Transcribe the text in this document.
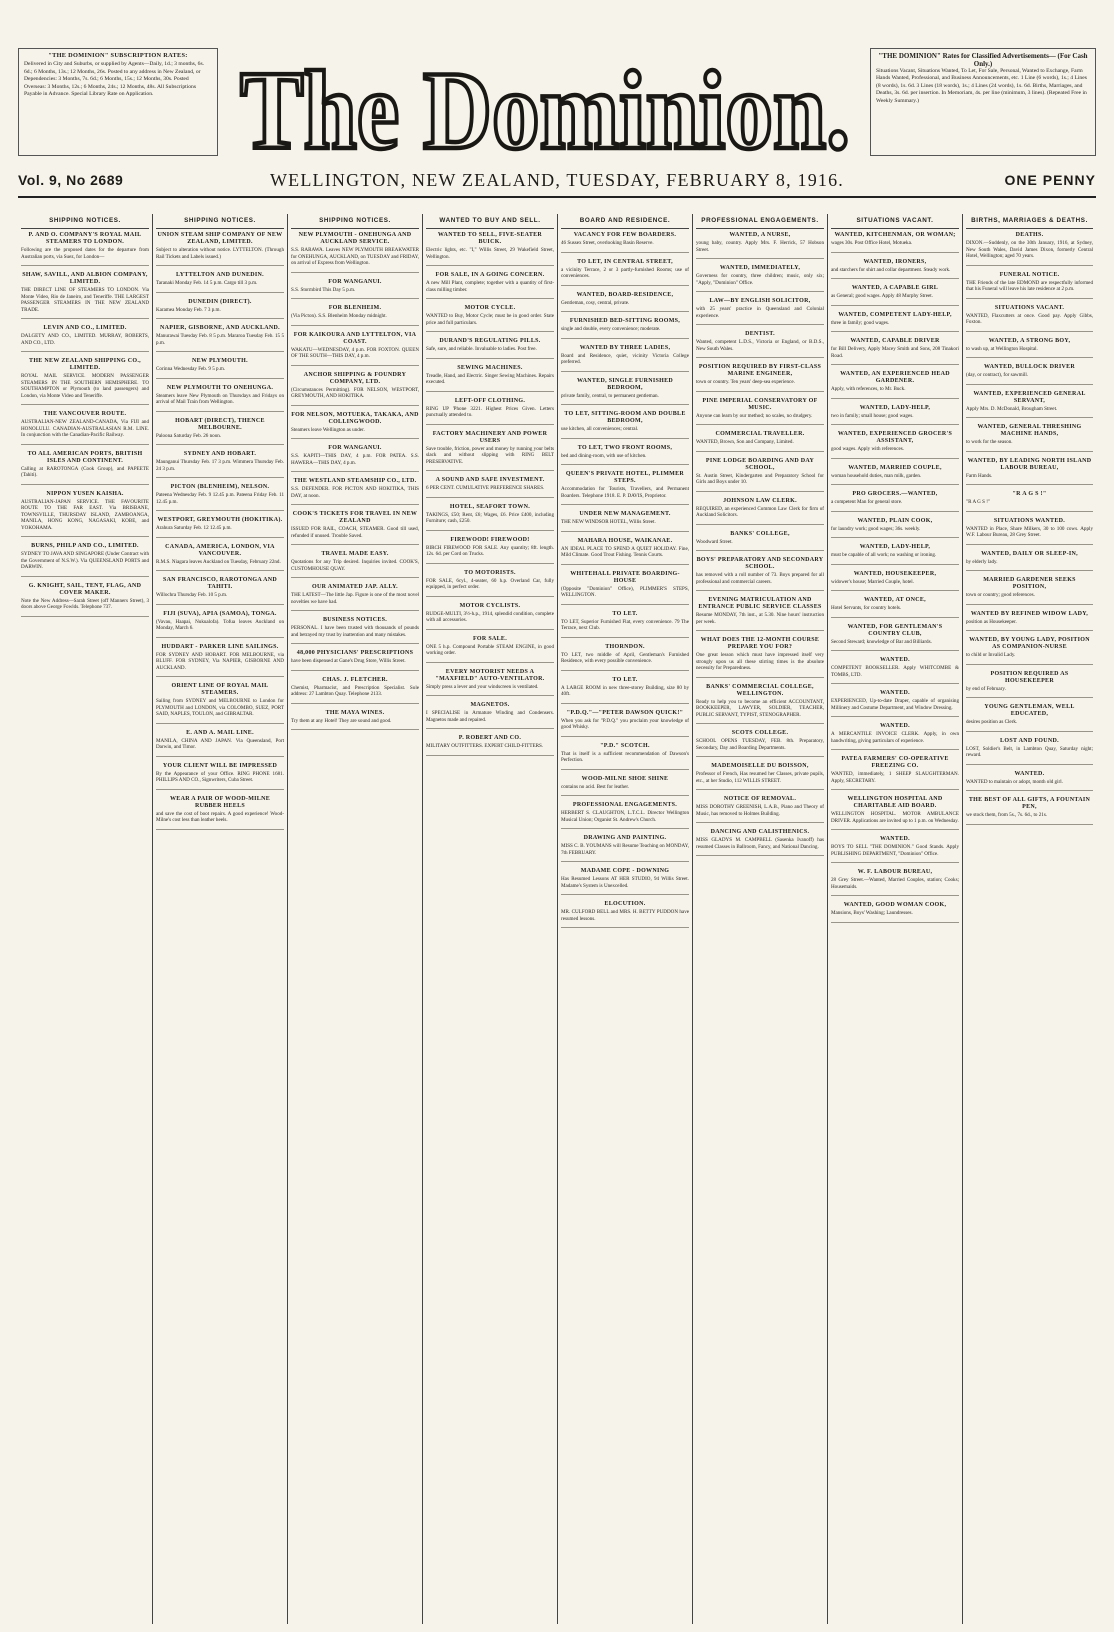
"THE DOMINION" SUBSCRIPTION RATES:
Delivered in City and Suburbs, or supplied by Agents—Daily, 1d.; 3 months, 6s. 6d.; 6 Months, 13s.; 12 Months, 26s. Posted to any address in New Zealand, or Dependencies: 3 Months, 7s. 6d.; 6 Months, 15s.; 12 Months, 30s. Posted Overseas: 3 Months, 12s.; 6 Months, 24s.; 12 Months, 48s. All Subscriptions Payable in Advance. Special Library Rate on Application. The Dominion.	"THE DOMINION" Rates for Classified Advertisements— (For Cash Only.)
Situations Vacant, Situations Wanted, To Let, For Sale, Personal, Wanted to Exchange, Farm Hands Wanted, Professional, and Business Announcements, etc. 1 Line (6 words), 1s.; 4 Lines (8 words), 1s. 6d. 3 Lines (18 words), 1s.; 4 Lines (24 words), 1s. 6d. Births, Marriages, and Deaths, 3s. 6d. per insertion. In Memoriam, 4s. per line (minimum, 3 lines). (Repeated Free in Weekly Summary.)
Vol. 9, No 2689	WELLINGTON, NEW ZEALAND, TUESDAY, FEBRUARY 8, 1916.	ONE PENNY
SHIPPING NOTICES.

P. AND O. COMPANY'S ROYAL MAIL STEAMERS TO LONDON.

Following are the proposed dates for the departure from Australian ports, via Suez, for London—

SHAW, SAVILL, AND ALBION COMPANY, LIMITED.

THE DIRECT LINE OF STEAMERS TO LONDON. Via Monte Video, Rio de Janeiro, and Teneriffe. THE LARGEST PASSENGER STEAMERS IN THE NEW ZEALAND TRADE.

LEVIN AND CO., LIMITED.

DALGETY AND CO., LIMITED. MURRAY, ROBERTS, AND CO., LTD.

THE NEW ZEALAND SHIPPING CO., LIMITED.

ROYAL MAIL SERVICE. MODERN PASSENGER STEAMERS IN THE SOUTHERN HEMISPHERE. TO SOUTHAMPTON or Plymouth (to land passengers) and London, via Monte Video and Teneriffe.

THE VANCOUVER ROUTE.

AUSTRALIAN-NEW ZEALAND-CANADA, Via FIJI and HONOLULU. CANADIAN-AUSTRALASIAN R.M. LINE. In conjunction with the Canadian-Pacific Railway.

TO ALL AMERICAN PORTS, BRITISH ISLES AND CONTINENT.

Calling at RAROTONGA (Cook Group), and PAPEETE (Tahiti).

NIPPON YUSEN KAISHA.

AUSTRALIAN-JAPAN SERVICE. THE FAVOURITE ROUTE TO THE FAR EAST. Via BRISBANE, TOWNSVILLE, THURSDAY ISLAND, ZAMBOANGA, MANILA, HONG KONG, NAGASAKI, KOBE, and YOKOHAMA.

BURNS, PHILP AND CO., LIMITED.

SYDNEY TO JAVA AND SINGAPORE (Under Contract with the Government of N.S.W.). Via QUEENSLAND PORTS and DARWIN.

G. KNIGHT, SAIL, TENT, FLAG, AND COVER MAKER.

Note the New Address—Sarah Street (off Manners Street), 3 doors above George Fowlds. Telephone 737.

SHIPPING NOTICES.

UNION STEAM SHIP COMPANY OF NEW ZEALAND, LIMITED.

Subject to alteration without notice. LYTTELTON. (Through Rail Tickets and Labels issued.)

LYTTELTON AND DUNEDIN.

Taranaki Monday Feb. 14 5 p.m. Cargo till 3 p.m.

DUNEDIN (DIRECT).

Karamea Monday Feb. 7 3 p.m.

NAPIER, GISBORNE, AND AUCKLAND.

Manurawai Tuesday Feb. 8 5 p.m. Mararoa Tuesday Feb. 15 5 p.m.

NEW PLYMOUTH.

Corinna Wednesday Feb. 9 5 p.m.

NEW PLYMOUTH TO ONEHUNGA.

Steamers leave New Plymouth on Thursdays and Fridays on arrival of Mail Train from Wellington.

HOBART (DIRECT), THENCE MELBOURNE.

Paloona Saturday Feb. 26 noon.

SYDNEY AND HOBART.

Maunganui Thursday Feb. 17 3 p.m. Wimmera Thursday Feb. 24 3 p.m.

PICTON (BLENHEIM), NELSON.

Pateena Wednesday Feb. 9 12.45 p.m. Pateena Friday Feb. 11 12.45 p.m.

WESTPORT, GREYMOUTH (HOKITIKA).

Arahura Saturday Feb. 12 12.45 p.m.

CANADA, AMERICA, LONDON, VIA VANCOUVER.

R.M.S. Niagara leaves Auckland on Tuesday, February 22nd.

SAN FRANCISCO, RAROTONGA AND TAHITI.

Willochra Thursday Feb. 10 5 p.m.

FIJI (SUVA), APIA (SAMOA), TONGA.

(Vavau, Haapai, Nukualofa). Tofua leaves Auckland on Monday, March 6.

HUDDART - PARKER LINE SAILINGS.

FOR SYDNEY AND HOBART. FOR MELBOURNE, via BLUFF. FOR SYDNEY, Via NAPIER, GISBORNE AND AUCKLAND.

ORIENT LINE OF ROYAL MAIL STEAMERS.

Sailing from SYDNEY and MELBOURNE to London for PLYMOUTH and LONDON, via COLOMBO, SUEZ, PORT SAID, NAPLES, TOULON, and GIBRALTAR.

E. AND A. MAIL LINE.

MANILA, CHINA AND JAPAN. Via Queensland, Port Darwin, and Timor.

YOUR CLIENT WILL BE IMPRESSED

By the Appearance of your Office. RING PHONE 1681. PHILLIPS AND CO., Signwriters, Cuba Street.

WEAR A PAIR OF WOOD-MILNE RUBBER HEELS

and save the cost of boot repairs. A good experience! Wood-Milne's cost less than leather heels.

SHIPPING NOTICES.

NEW PLYMOUTH - ONEHUNGA AND AUCKLAND SERVICE.

S.S. RARAWA. Leaves NEW PLYMOUTH BREAKWATER for ONEHUNGA, AUCKLAND, on TUESDAY and FRIDAY, on arrival of Express from Wellington.

FOR WANGANUI.

S.S. Stormbird This Day 5 p.m.

FOR BLENHEIM.

(Via Picton). S.S. Blenheim Monday midnight.

FOR KAIKOURA AND LYTTELTON, VIA COAST.

WAKATU—WEDNESDAY, 4 p.m. FOR FOXTON. QUEEN OF THE SOUTH—THIS DAY, 4 p.m.

ANCHOR SHIPPING & FOUNDRY COMPANY, LTD.

(Circumstances Permitting). FOR NELSON, WESTPORT, GREYMOUTH, AND HOKITIKA.

FOR NELSON, MOTUEKA, TAKAKA, AND COLLINGWOOD.

Steamers leave Wellington as under.

FOR WANGANUI.

S.S. KAPITI—THIS DAY, 4 p.m. FOR PATEA. S.S. HAWERA—THIS DAY, 4 p.m.

THE WESTLAND STEAMSHIP CO., LTD.

S.S. DEFENDER. FOR PICTON AND HOKITIKA, THIS DAY, at noon.

COOK'S TICKETS FOR TRAVEL IN NEW ZEALAND

ISSUED FOR RAIL, COACH, STEAMER. Good till used, refunded if unused. Trouble Saved.

TRAVEL MADE EASY.

Quotations for any Trip desired. Inquiries invited. COOK'S, CUSTOMHOUSE QUAY.

OUR ANIMATED JAP. ALLY.

THE LATEST—The little Jap. Figure is one of the most novel novelties we have had.

BUSINESS NOTICES.

PERSONAL. I have been trusted with thousands of pounds and betrayed my trust by inattention and many mistakes.

48,000 PHYSICIANS' PRESCRIPTIONS

have been dispensed at Gane's Drug Store, Willis Street.

CHAS. J. FLETCHER.

Chemist, Pharmacist, and Prescription Specialist. Sole address: 27 Lambton Quay. Telephone 2133.

THE MAYA WINES.

Try them at any Hotel! They are sound and good.

WANTED TO BUY AND SELL.

WANTED TO SELL, FIVE-SEATER BUICK.

Electric lights, etc. "I," Willis Street, 29 Wakefield Street, Wellington.

FOR SALE, IN A GOING CONCERN.

A new Mill Plant, complete; together with a quantity of first-class milling timber.

MOTOR CYCLE.

WANTED to Buy, Motor Cycle; must be in good order. State price and full particulars.

DURAND'S REGULATING PILLS.

Safe, sure, and reliable. Invaluable to ladies. Post free.

SEWING MACHINES.

Treadle, Hand, and Electric. Singer Sewing Machines. Repairs executed.

LEFT-OFF CLOTHING.

RING UP 'Phone 3221. Highest Prices Given. Letters punctually attended to.

FACTORY MACHINERY AND POWER USERS

Save trouble, friction, power and money by running your belts slack and without slipping with RING BELT PRESERVATIVE.

A SOUND AND SAFE INVESTMENT.

6 PER CENT. CUMULATIVE PREFERENCE SHARES.

HOTEL, SEAFORT TOWN.

TAKINGS, £50; Rent, £6; Wages, £6. Price £400, including Furniture; cash, £250.

FIREWOOD! FIREWOOD!

BIRCH FIREWOOD FOR SALE. Any quantity; 8ft. length. 12s. 6d. per Cord on Trucks.

TO MOTORISTS.

FOR SALE, 6cyl., 4-seater, 60 h.p. Overland Car, fully equipped, in perfect order.

MOTOR CYCLISTS.

RUDGE-MULTI, 3½-h.p., 1914, splendid condition, complete with all accessories.

FOR SALE.

ONE 5 h.p. Compound Portable STEAM ENGINE, in good working order.

EVERY MOTORIST NEEDS A "MAXFIELD" AUTO-VENTILATOR.

Simply press a lever and your windscreen is ventilated.

MAGNETOS.

I SPECIALISE in Armature Winding and Condensers. Magnetos made and repaired.

P. ROBERT AND CO.

MILITARY OUTFITTERS. EXPERT CHILD-FITTERS.

BOARD AND RESIDENCE.

VACANCY FOR FEW BOARDERS.

46 Sussex Street, overlooking Basin Reserve.

TO LET, IN CENTRAL STREET,

a vicinity Terrace, 2 or 3 partly-furnished Rooms; use of conveniences.

WANTED, BOARD-RESIDENCE,

Gentleman, cosy, central, private.

FURNISHED BED-SITTING ROOMS,

single and double, every convenience; moderate.

WANTED BY THREE LADIES,

Board and Residence, quiet, vicinity Victoria College preferred.

WANTED, SINGLE FURNISHED BEDROOM,

private family, central, to permanent gentleman.

TO LET, SITTING-ROOM AND DOUBLE BEDROOM,

use kitchen, all conveniences; central.

TO LET, TWO FRONT ROOMS,

bed and dining-room, with use of kitchen.

QUEEN'S PRIVATE HOTEL, PLIMMER STEPS.

Accommodation for Tourists, Travellers, and Permanent Boarders. Telephone 1918. E. P. DAVIS, Proprietor.

UNDER NEW MANAGEMENT.

THE NEW WINDSOR HOTEL, Willis Street.

MAHARA HOUSE, WAIKANAE.

AN IDEAL PLACE TO SPEND A QUIET HOLIDAY. Fine, Mild Climate. Good Trout Fishing. Tennis Courts.

WHITEHALL PRIVATE BOARDING-HOUSE

(Opposite "Dominion" Office), PLIMMER'S STEPS, WELLINGTON.

TO LET.

TO LET, Superior Furnished Flat, every convenience. 79 The Terrace, next Club.

THORNDON.

TO LET, two middle of April, Gentleman's Furnished Residence, with every possible convenience.

TO LET.

A LARGE ROOM in new three-storey Building, size 80 by 40ft.

"P.D.Q."—"PETER DAWSON QUICK!"

When you ask for "P.D.Q." you proclaim your knowledge of good Whisky.

"P.D." SCOTCH.

That is itself is a sufficient recommendation of Dawson's Perfection.

WOOD-MILNE SHOE SHINE

contains no acid. Best for leather.

PROFESSIONAL ENGAGEMENTS.

HERBERT S. CLAUGHTON, L.T.C.L. Director Wellington Musical Union; Organist St. Andrew's Church.

DRAWING AND PAINTING.

MISS C. B. YOUMANS will Resume Teaching on MONDAY, 7th FEBRUARY.

MADAME COPE - DOWNING

Has Resumed Lessons AT HER STUDIO, 94 Willis Street. Madame's System is Unexcelled.

ELOCUTION.

MR. CULFORD BELL and MRS. H. BETTY PUDDON have resumed lessons.

PROFESSIONAL ENGAGEMENTS.

WANTED, A NURSE,

young baby, country. Apply Mrs. F. Herrick, 57 Hobson Street.

WANTED, IMMEDIATELY,

Governess for country, three children; music, only six; "Apply, "Dominion" Office.

LAW—BY ENGLISH SOLICITOR,

with 25 years' practice in Queensland and Colonial experience.

DENTIST.

Wanted, competent L.D.S., Victoria or England, or B.D.S., New South Wales.

POSITION REQUIRED BY FIRST-CLASS MARINE ENGINEER,

town or country. Ten years' deep-sea experience.

PINE IMPERIAL CONSERVATORY OF MUSIC.

Anyone can learn by our method; no scales, no drudgery.

COMMERCIAL TRAVELLER.

WANTED, Brown, Son and Company, Limited.

PINE LODGE BOARDING AND DAY SCHOOL,

St. Austin Street, Kindergarten and Preparatory School for Girls and Boys under 10.

JOHNSON LAW CLERK.

REQUIRED, an experienced Common Law Clerk for firm of Auckland Solicitors.

BANKS' COLLEGE,

Woodward Street.

BOYS' PREPARATORY AND SECONDARY SCHOOL.

has removed with a roll number of 73. Boys prepared for all professional and commercial careers.

EVENING MATRICULATION AND ENTRANCE PUBLIC SERVICE CLASSES

Resume MONDAY, 7th inst., at 5.30. Nine hours' instruction per week.

WHAT DOES THE 12-MONTH COURSE PREPARE YOU FOR?

One great lesson which must have impressed itself very strongly upon us all these stirring times is the absolute necessity for Preparedness.

BANKS' COMMERCIAL COLLEGE, WELLINGTON.

Ready to help you to become an efficient ACCOUNTANT, BOOKKEEPER, LAWYER, SOLDIER, TEACHER, PUBLIC SERVANT, TYPIST, STENOGRAPHER.

SCOTS COLLEGE.

SCHOOL OPENS TUESDAY, FEB. 8th. Preparatory, Secondary, Day and Boarding Departments.

MADEMOISELLE DU BOISSON,

Professor of French, Has resumed her Classes, private pupils, etc., at her Studio, 112 WILLIS STREET.

NOTICE OF REMOVAL.

MISS DOROTHY GREENISH, L.A.B., Piano and Theory of Music, has removed to Holmes Building.

DANCING AND CALISTHENICS.

MISS GLADYS M. CAMPBELL (Sasenka Ivanoff) has resumed Classes in Ballroom, Fancy, and National Dancing.

SITUATIONS VACANT.

WANTED, KITCHENMAN, OR WOMAN;

wages 30s. Post Office Hotel, Motueka.

WANTED, IRONERS,

and starchers for shirt and collar department. Steady work.

WANTED, A CAPABLE GIRL

as General; good wages. Apply 48 Murphy Street.

WANTED, COMPETENT LADY-HELP,

three in family; good wages.

WANTED, CAPABLE DRIVER

for Bill Delivery, Apply Macey Smith and Sons, 208 Tinakori Road.

WANTED, AN EXPERIENCED HEAD GARDENER.

Apply, with references, to Mr. Buck.

WANTED, LADY-HELP,

two in family; small house; good wages.

WANTED, EXPERIENCED GROCER'S ASSISTANT,

good wages. Apply with references.

WANTED, MARRIED COUPLE,

woman household duties, man milk, garden.

PRO GROCERS.—WANTED,

a competent Man for general store.

WANTED, PLAIN COOK,

for laundry work; good wages; 36s. weekly.

WANTED, LADY-HELP,

must be capable of all work; no washing or ironing.

WANTED, HOUSEKEEPER,

widower's house; Married Couple, hotel.

WANTED, AT ONCE,

Hotel Servants, for country hotels.

WANTED, FOR GENTLEMAN'S COUNTRY CLUB,

Second Steward; knowledge of Bar and Billiards.

WANTED.

COMPETENT BOOKSELLER. Apply WHITCOMBE & TOMBS, LTD.

WANTED.

EXPERIENCED, Up-to-date Draper, capable of organising Millinery and Costume Department, and Window Dressing.

WANTED.

A MERCANTILE INVOICE CLERK. Apply, in own handwriting, giving particulars of experience.

PATEA FARMERS' CO-OPERATIVE FREEZING CO.

WANTED, immediately, 1 SHEEP SLAUGHTERMAN. Apply, SECRETARY.

WELLINGTON HOSPITAL AND CHARITABLE AID BOARD.

WELLINGTON HOSPITAL. MOTOR AMBULANCE DRIVER. Applications are invited up to 1 p.m. on Wednesday.

WANTED.

BOYS TO SELL "THE DOMINION." Good Stands. Apply PUBLISHING DEPARTMENT, "Dominion" Office.

W. F. LABOUR BUREAU,

28 Grey Street.—Wanted, Married Couples, station; Cooks; Housemaids.

WANTED, GOOD WOMAN COOK,

Mansions, Boys' Washing; Laundresses.

BIRTHS, MARRIAGES & DEATHS.

DEATHS.

DIXON.—Suddenly, on the 30th January, 1916, at Sydney, New South Wales, David James Dixon, formerly Central Hotel, Wellington; aged 70 years.

FUNERAL NOTICE.

THE Friends of the late EDMOND are respectfully informed that his Funeral will leave his late residence at 2 p.m.

SITUATIONS VACANT.

WANTED, Flaxcutters at once. Good pay. Apply Gibbs, Foxton.

WANTED, A STRONG BOY,

to wash up, at Wellington Hospital.

WANTED, BULLOCK DRIVER

(day, or contract), for sawmill.

WANTED, EXPERIENCED GENERAL SERVANT,

Apply Mrs. D. McDonald, Brougham Street.

WANTED, GENERAL THRESHING MACHINE HANDS,

to work for the season.

WANTED, BY LEADING NORTH ISLAND LABOUR BUREAU,

Farm Hands.

"R A G S !"

"R A G S !"

SITUATIONS WANTED.

WANTED in Place, Share Milkers, 30 to 100 cows. Apply W.F. Labour Bureau, 28 Grey Street.

WANTED, DAILY OR SLEEP-IN,

by elderly lady.

MARRIED GARDENER SEEKS POSITION,

town or country; good references.

WANTED BY REFINED WIDOW LADY,

position as Housekeeper.

WANTED, BY YOUNG LADY, POSITION AS COMPANION-NURSE

to child or Invalid Lady.

POSITION REQUIRED AS HOUSEKEEPER

by end of February.

YOUNG GENTLEMAN, WELL EDUCATED,

desires position as Clerk.

LOST AND FOUND.

LOST, Soldier's Belt, in Lambton Quay, Saturday night; reward.

WANTED.

WANTED to maintain or adopt, month old girl.

THE BEST OF ALL GIFTS, A FOUNTAIN PEN,

we stock them, from 5s., 7s. 6d., to 21s.
